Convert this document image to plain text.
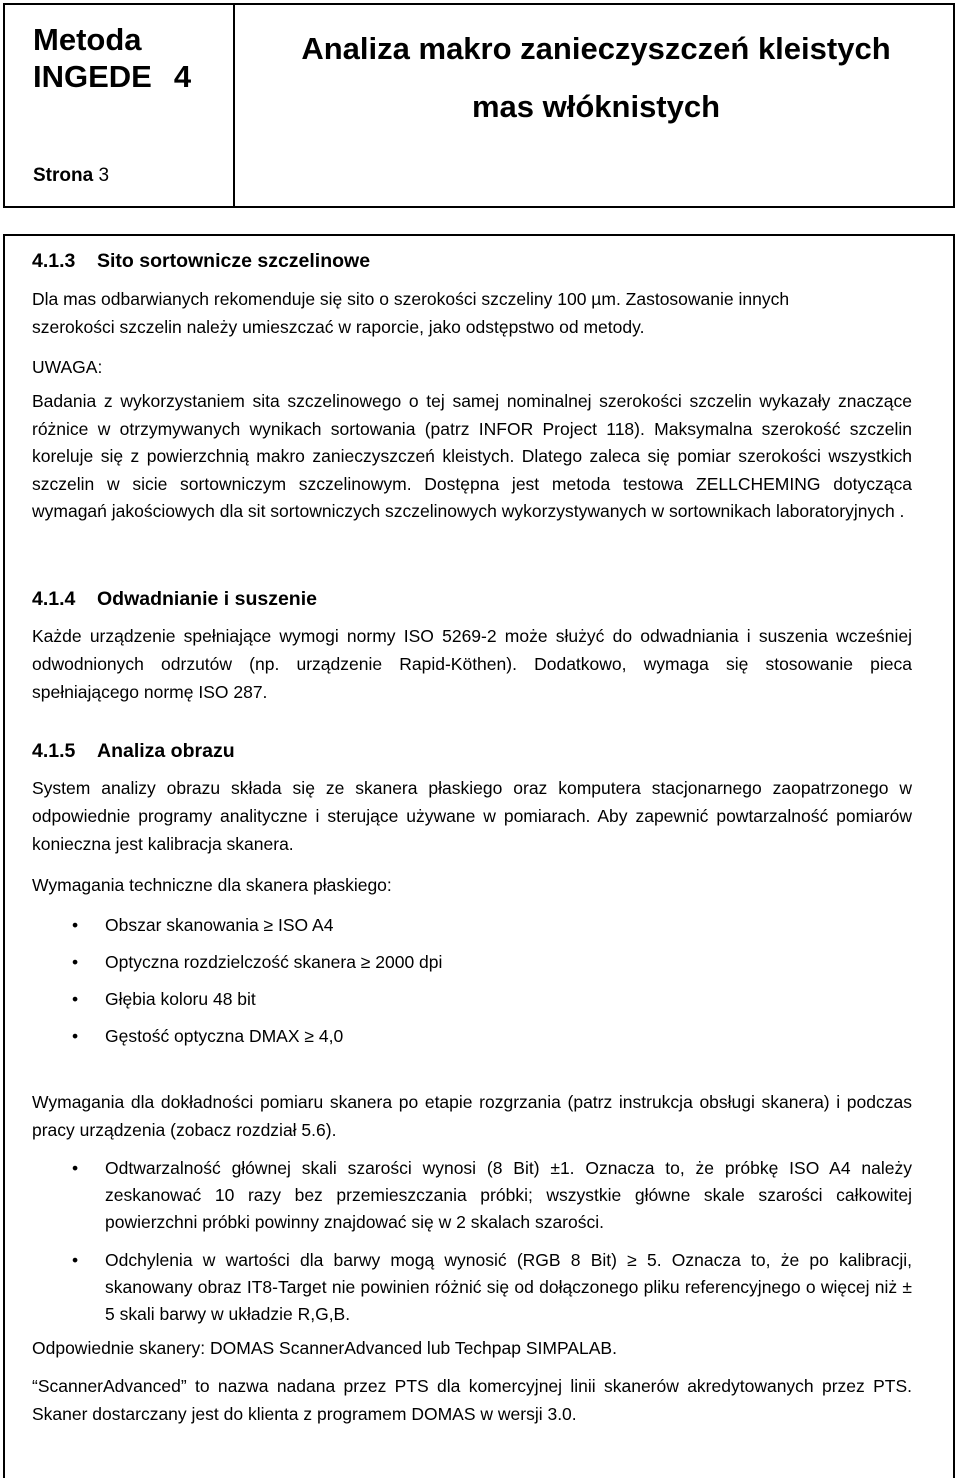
Metoda
INGEDE 4
Strona 3
Analiza makro zanieczyszczeń kleistych
mas włóknistych
4.1.3 Sito sortownicze szczelinowe
Dla mas odbarwianych rekomenduje się sito o szerokości szczeliny 100 µm. Zastosowanie innych
szerokości szczelin należy umieszczać w raporcie, jako odstępstwo od metody.
UWAGA:
Badania z wykorzystaniem sita szczelinowego o tej samej nominalnej szerokości szczelin wykazały znaczące różnice w otrzymywanych wynikach sortowania (patrz INFOR Project 118). Maksymalna szerokość szczelin koreluje się z powierzchnią makro zanieczyszczeń kleistych. Dlatego zaleca się pomiar szerokości wszystkich szczelin w sicie sortowniczym szczelinowym. Dostępna jest metoda testowa ZELLCHEMING dotycząca wymagań jakościowych dla sit sortowniczych szczelinowych wykorzystywanych w sortownikach laboratoryjnych .
4.1.4 Odwadnianie i suszenie
Każde urządzenie spełniające wymogi normy ISO 5269-2 może służyć do odwadniania i suszenia wcześniej odwodnionych odrzutów (np. urządzenie Rapid-Köthen). Dodatkowo, wymaga się stosowanie pieca spełniającego normę ISO 287.
4.1.5 Analiza obrazu
System analizy obrazu składa się ze skanera płaskiego oraz komputera stacjonarnego zaopatrzonego w odpowiednie programy analityczne i sterujące używane w pomiarach. Aby zapewnić powtarzalność pomiarów konieczna jest kalibracja skanera.
Wymagania techniczne dla skanera płaskiego:
• Obszar skanowania ≥ ISO A4
• Optyczna rozdzielczość skanera ≥ 2000 dpi
• Głębia koloru 48 bit
• Gęstość optyczna DMAX ≥ 4,0
Wymagania dla dokładności pomiaru skanera po etapie rozgrzania (patrz instrukcja obsługi skanera) i podczas pracy urządzenia (zobacz rozdział 5.6).
• Odtwarzalność głównej skali szarości wynosi (8 Bit) ±1. Oznacza to, że próbkę ISO A4 należy zeskanować 10 razy bez przemieszczania próbki; wszystkie główne skale szarości całkowitej powierzchni próbki powinny znajdować się w 2 skalach szarości.
• Odchylenia w wartości dla barwy mogą wynosić (RGB 8 Bit) ≥ 5. Oznacza to, że po kalibracji, skanowany obraz IT8-Target nie powinien różnić się od dołączonego pliku referencyjnego o więcej niż ± 5 skali barwy w układzie R,G,B.
Odpowiednie skanery: DOMAS ScannerAdvanced lub Techpap SIMPALAB.
“ScannerAdvanced” to nazwa nadana przez PTS dla komercyjnej linii skanerów akredytowanych przez PTS. Skaner dostarczany jest do klienta z programem DOMAS w wersji 3.0.
